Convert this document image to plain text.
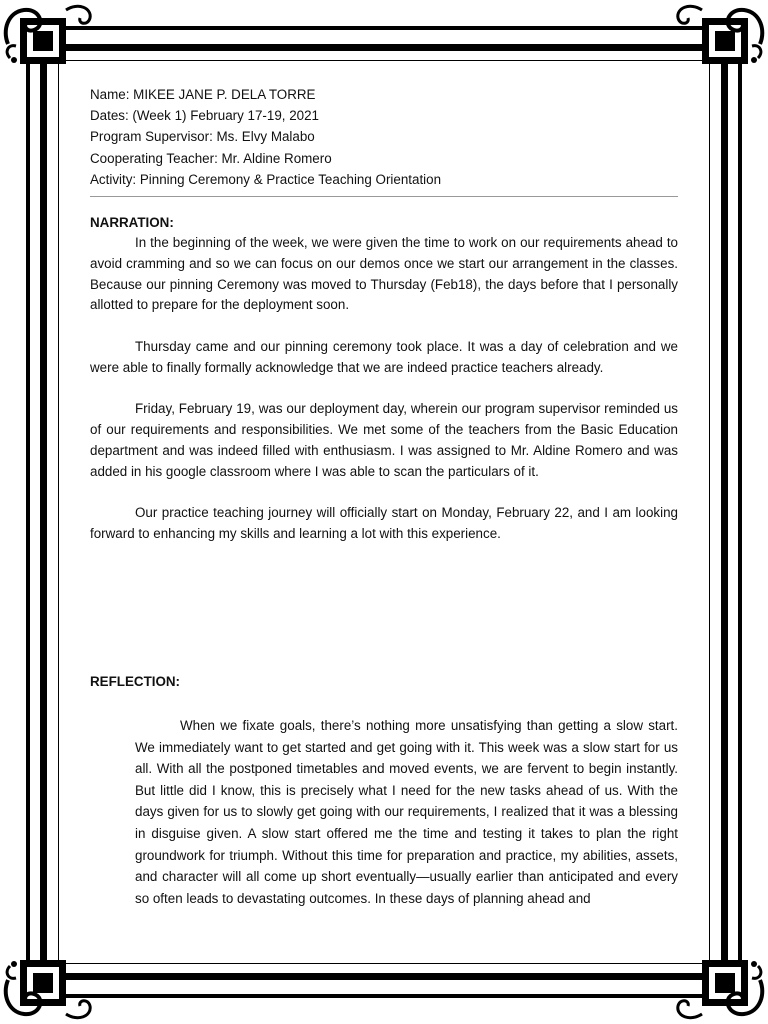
Name: MIKEE JANE P. DELA TORRE
Dates: (Week 1) February 17-19, 2021
Program Supervisor: Ms. Elvy Malabo
Cooperating Teacher: Mr. Aldine Romero
Activity: Pinning Ceremony & Practice Teaching Orientation
NARRATION:

In the beginning of the week, we were given the time to work on our requirements ahead to avoid cramming and so we can focus on our demos once we start our arrangement in the classes. Because our pinning Ceremony was moved to Thursday (Feb18), the days before that I personally allotted to prepare for the deployment soon.

Thursday came and our pinning ceremony took place. It was a day of celebration and we were able to finally formally acknowledge that we are indeed practice teachers already.

Friday, February 19, was our deployment day, wherein our program supervisor reminded us of our requirements and responsibilities. We met some of the teachers from the Basic Education department and was indeed filled with enthusiasm. I was assigned to Mr. Aldine Romero and was added in his google classroom where I was able to scan the particulars of it.

Our practice teaching journey will officially start on Monday, February 22, and I am looking forward to enhancing my skills and learning a lot with this experience.

REFLECTION:

When we fixate goals, there’s nothing more unsatisfying than getting a slow start. We immediately want to get started and get going with it. This week was a slow start for us all. With all the postponed timetables and moved events, we are fervent to begin instantly. But little did I know, this is precisely what I need for the new tasks ahead of us. With the days given for us to slowly get going with our requirements, I realized that it was a blessing in disguise given. A slow start offered me the time and testing it takes to plan the right groundwork for triumph. Without this time for preparation and practice, my abilities, assets, and character will all come up short eventually—usually earlier than anticipated and every so often leads to devastating outcomes. In these days of planning ahead and
